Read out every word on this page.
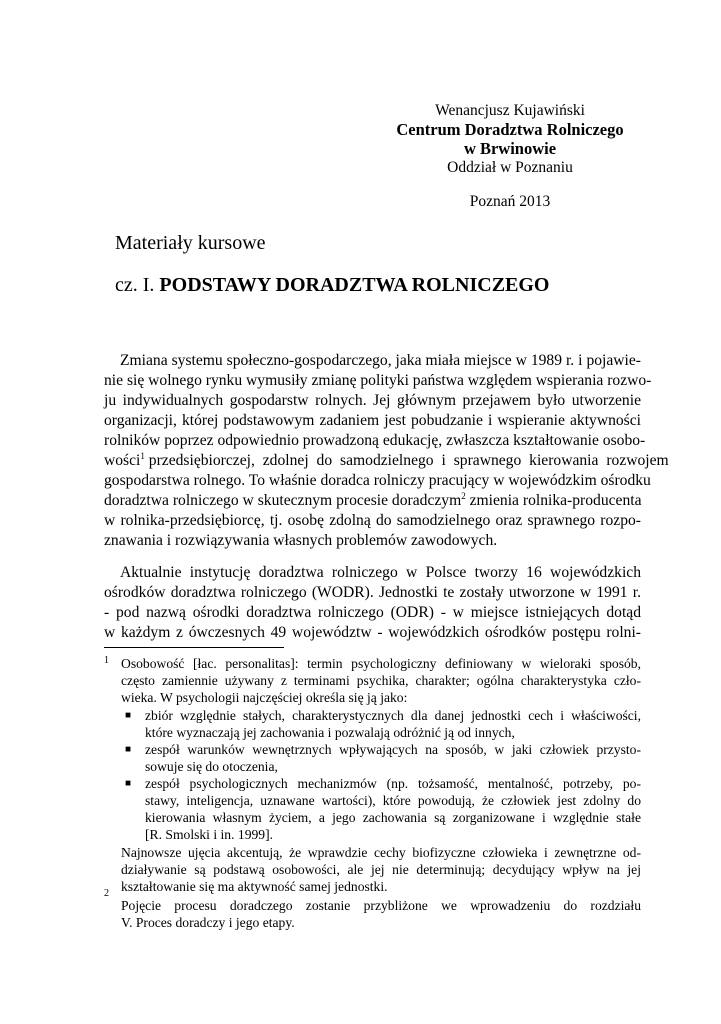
Wenancjusz Kujawiński
Centrum Doradztwa Rolniczego
w Brwinowie
Oddział w Poznaniu
Poznań 2013
Materiały kursowe
cz. I. PODSTAWY DORADZTWA ROLNICZEGO
Zmiana systemu społeczno-gospodarczego, jaka miała miejsce w 1989 r. i pojawie-
nie się wolnego rynku wymusiły zmianę polityki państwa względem wspierania rozwo-
ju indywidualnych gospodarstw rolnych. Jej głównym przejawem było utworzenie
organizacji, której podstawowym zadaniem jest pobudzanie i wspieranie aktywności
rolników poprzez odpowiednio prowadzoną edukację, zwłaszcza kształtowanie osobo-
wości$^1$ przedsiębiorczej, zdolnej do samodzielnego i sprawnego kierowania rozwojem
gospodarstwa rolnego. To właśnie doradca rolniczy pracujący w wojewódzkim ośrodku
doradztwa rolniczego w skutecznym procesie doradczym$^2$ zmienia rolnika-producenta
w rolnika-przedsiębiorcę, tj. osobę zdolną do samodzielnego oraz sprawnego rozpo-
znawania i rozwiązywania własnych problemów zawodowych.
Aktualnie instytucję doradztwa rolniczego w Polsce tworzy 16 wojewódzkich
ośrodków doradztwa rolniczego (WODR). Jednostki te zostały utworzone w 1991 r.
- pod nazwą ośrodki doradztwa rolniczego (ODR) - w miejsce istniejących dotąd
w każdym z ówczesnych 49 województw - wojewódzkich ośrodków postępu rolni-
1 Osobowość [łac. personalitas]: termin psychologiczny definiowany w wieloraki sposób,
często zamiennie używany z terminami psychika, charakter; ogólna charakterystyka czło-
wieka. W psychologii najczęściej określa się ją jako:
■ zbiór względnie stałych, charakterystycznych dla danej jednostki cech i właściwości,
które wyznaczają jej zachowania i pozwalają odróżnić ją od innych,
■ zespół warunków wewnętrznych wpływających na sposób, w jaki człowiek przysto-
sowuje się do otoczenia,
■ zespół psychologicznych mechanizmów (np. tożsamość, mentalność, potrzeby, po-
stawy, inteligencja, uznawane wartości), które powodują, że człowiek jest zdolny do
kierowania własnym życiem, a jego zachowania są zorganizowane i względnie stałe
[R. Smolski i in. 1999].
Najnowsze ujęcia akcentują, że wprawdzie cechy biofizyczne człowieka i zewnętrzne od-
działywanie są podstawą osobowości, ale jej nie determinują; decydujący wpływ na jej
kształtowanie się ma aktywność samej jednostki.
2
Pojęcie procesu doradczego zostanie przybliżone we wprowadzeniu do rozdziału
V. Proces doradczy i jego etapy.
